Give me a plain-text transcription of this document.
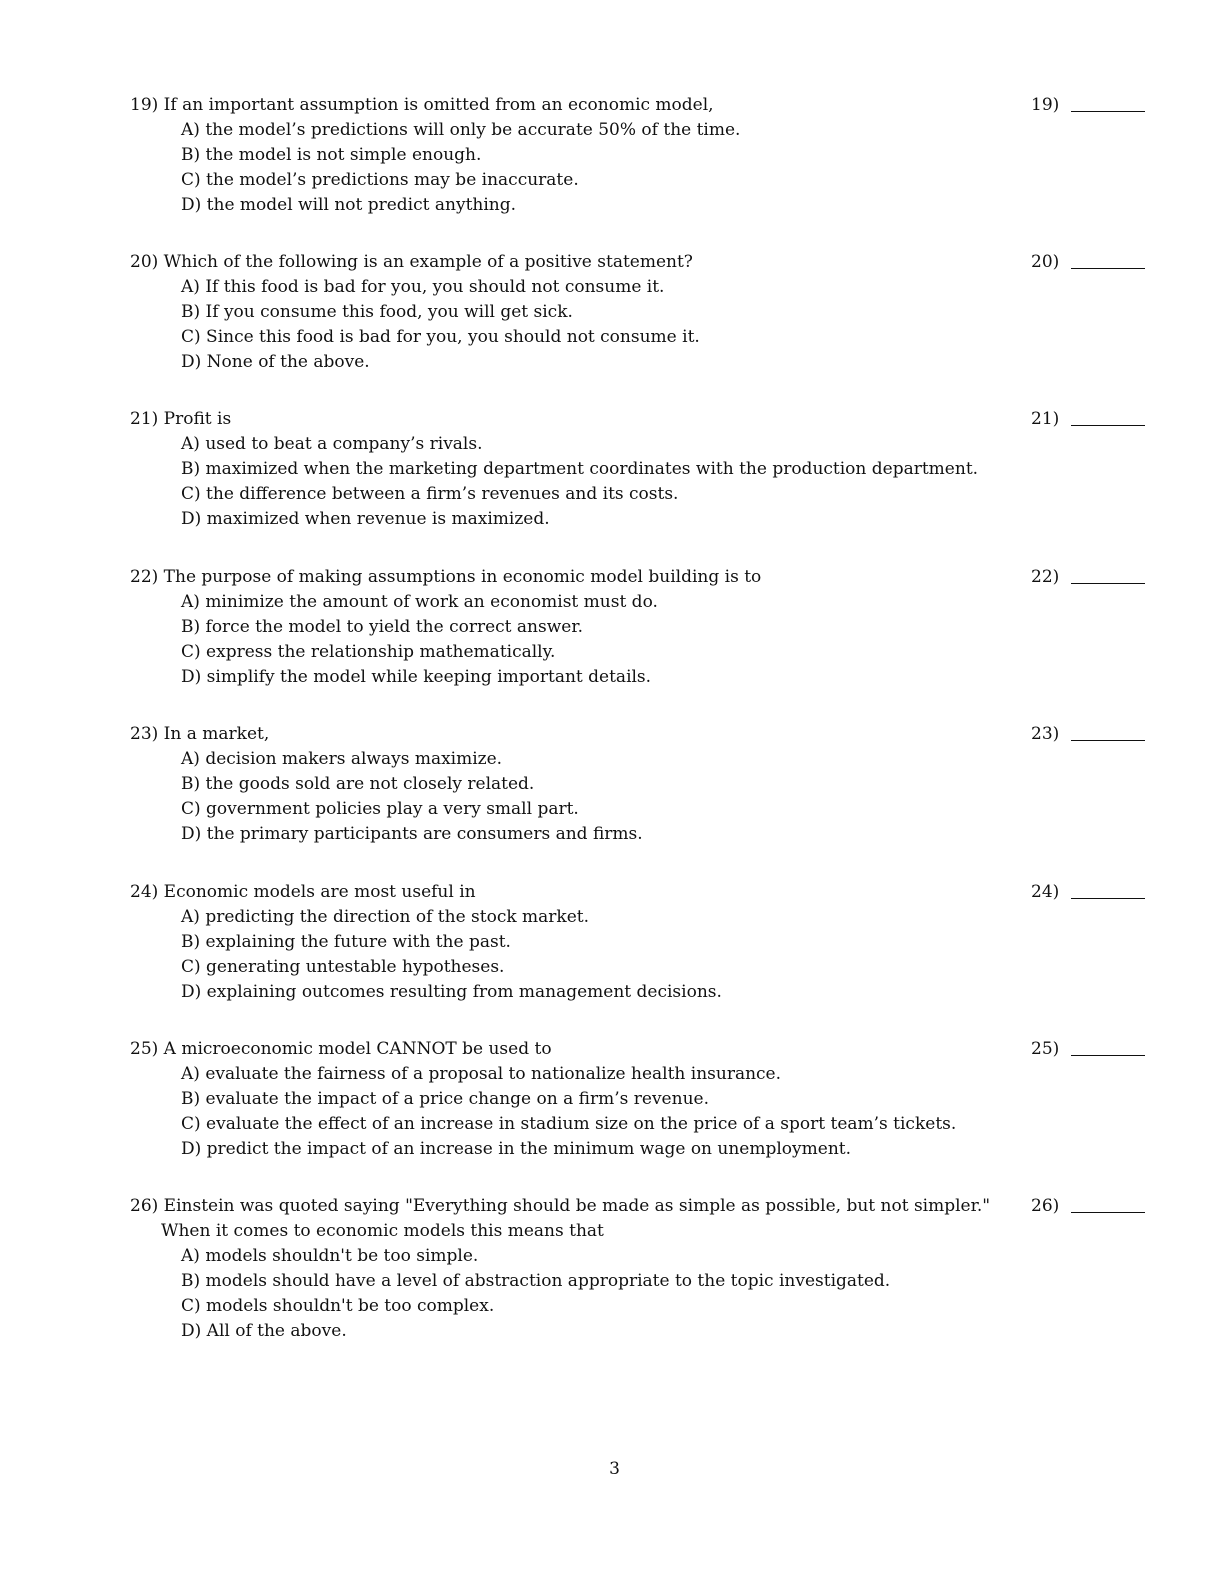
19) If an important assumption is omitted from an economic model,
A) the model’s predictions will only be accurate 50% of the time.
B) the model is not simple enough.
C) the model’s predictions may be inaccurate.
D) the model will not predict anything.
19)
20) Which of the following is an example of a positive statement?
A) If this food is bad for you, you should not consume it.
B) If you consume this food, you will get sick.
C) Since this food is bad for you, you should not consume it.
D) None of the above.
20)
21) Profit is
A) used to beat a company’s rivals.
B) maximized when the marketing department coordinates with the production department.
C) the difference between a firm’s revenues and its costs.
D) maximized when revenue is maximized.
21)
22) The purpose of making assumptions in economic model building is to
A) minimize the amount of work an economist must do.
B) force the model to yield the correct answer.
C) express the relationship mathematically.
D) simplify the model while keeping important details.
22)
23) In a market,
A) decision makers always maximize.
B) the goods sold are not closely related.
C) government policies play a very small part.
D) the primary participants are consumers and firms.
23)
24) Economic models are most useful in
A) predicting the direction of the stock market.
B) explaining the future with the past.
C) generating untestable hypotheses.
D) explaining outcomes resulting from management decisions.
24)
25) A microeconomic model CANNOT be used to
A) evaluate the fairness of a proposal to nationalize health insurance.
B) evaluate the impact of a price change on a firm’s revenue.
C) evaluate the effect of an increase in stadium size on the price of a sport team’s tickets.
D) predict the impact of an increase in the minimum wage on unemployment.
25)
26) Einstein was quoted saying "Everything should be made as simple as possible, but not simpler."
When it comes to economic models this means that
A) models shouldn't be too simple.
B) models should have a level of abstraction appropriate to the topic investigated.
C) models shouldn't be too complex.
D) All of the above.
26)
3
